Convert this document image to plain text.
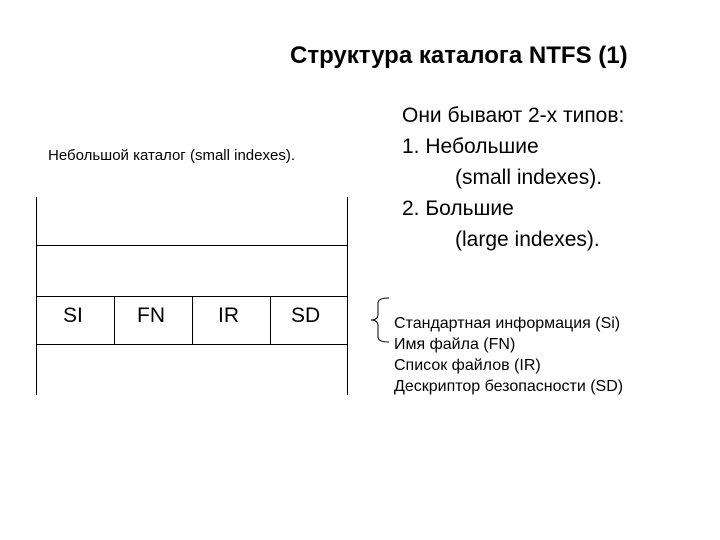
Структура каталога NTFS (1)
Небольшой каталог (small indexes).
Они бывают 2-х типов:
1. Небольшие
(small indexes).
2. Большие
(large indexes).
SI	FN	IR SD	Стандартная информация (Si)
Имя файла (FN)
Список файлов (IR)
Дескриптор безопасности (SD)
